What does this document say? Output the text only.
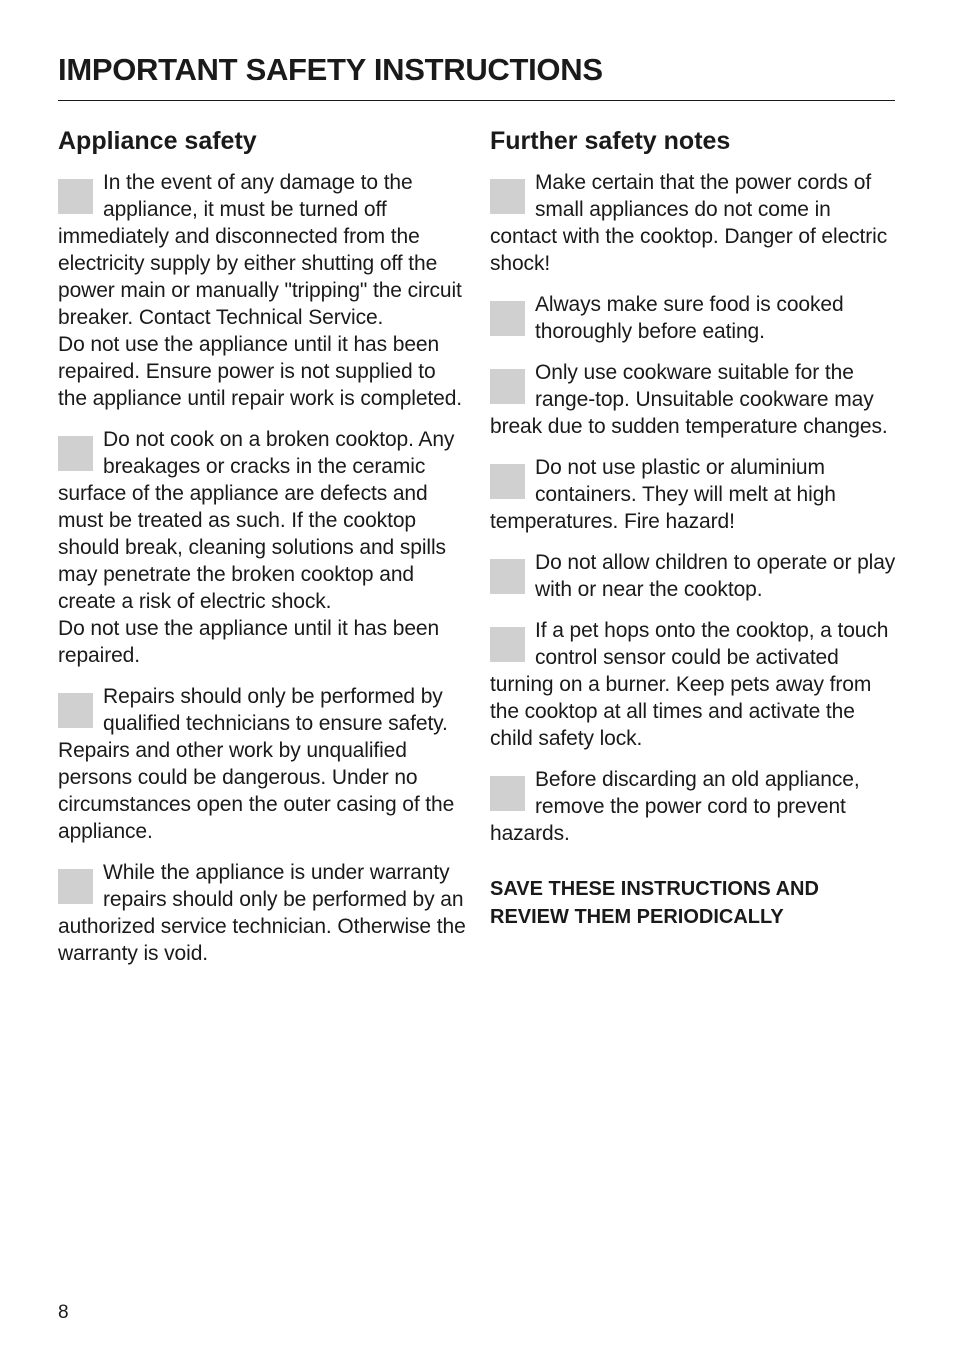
IMPORTANT SAFETY INSTRUCTIONS
Appliance safety

In the event of any damage to the appliance, it must be turned off immediately and disconnected from the electricity supply by either shutting off the power main or manually "tripping" the circuit breaker. Contact Technical Service.

Do not use the appliance until it has been repaired. Ensure power is not supplied to the appliance until repair work is completed.

Do not cook on a broken cooktop. Any breakages or cracks in the ceramic surface of the appliance are defects and must be treated as such. If the cooktop should break, cleaning solutions and spills may penetrate the broken cooktop and create a risk of electric shock.

Do not use the appliance until it has been repaired.

Repairs should only be performed by qualified technicians to ensure safety. Repairs and other work by unqualified persons could be dangerous. Under no circumstances open the outer casing of the appliance.

While the appliance is under warranty repairs should only be performed by an authorized service technician. Otherwise the warranty is void.

Further safety notes

Make certain that the power cords of small appliances do not come in contact with the cooktop. Danger of electric shock!

Always make sure food is cooked thoroughly before eating.

Only use cookware suitable for the range-top. Unsuitable cookware may break due to sudden temperature changes.

Do not use plastic or aluminium containers. They will melt at high temperatures. Fire hazard!

Do not allow children to operate or play with or near the cooktop.

If a pet hops onto the cooktop, a touch control sensor could be activated turning on a burner. Keep pets away from the cooktop at all times and activate the child safety lock.

Before discarding an old appliance, remove the power cord to prevent hazards.

SAVE THESE INSTRUCTIONS AND
REVIEW THEM PERIODICALLY
8
